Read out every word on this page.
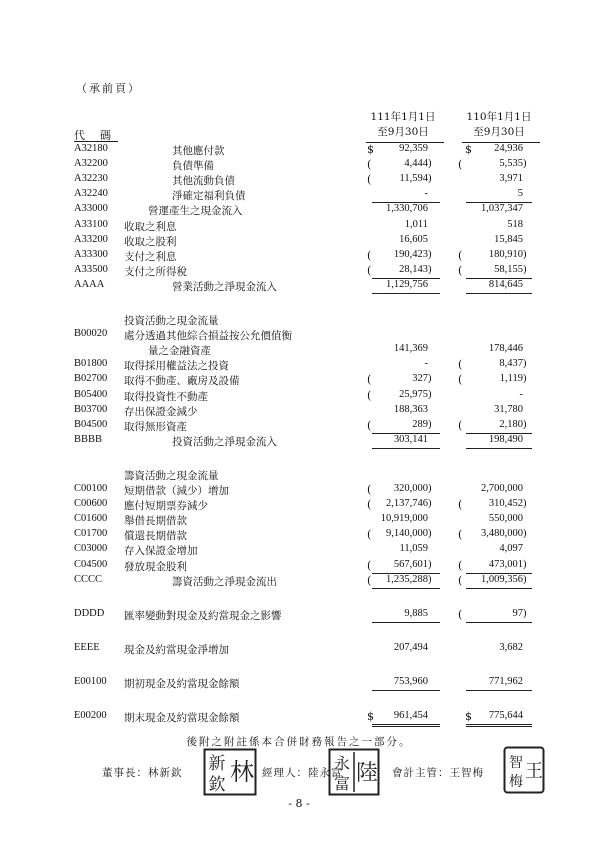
（承前頁）
111年1月1日
至9月30日
110年1月1日
至9月30日
代　碼
A32180	其他應付款	$	92,359	$	24,936
A32200	負債準備	(	4,444) (	5,535)
A32230	其他流動負債	(	11,594)	3,971
A32240	淨確定福利負債	-	5
A33000	營運產生之現金流入	1,330,706	1,037,347
A33100 收取之利息	1,011	518
A33200 收取之股利	16,605	15,845
A33300 支付之利息	(	190,423) (	180,910)
A33500 支付之所得稅	(	28,143) (	58,155)
AAAA	營業活動之淨現金流入	1,129,756	814,645
投資活動之現金流量
B00020 處分透過其他綜合損益按公允價值衡
量之金融資產	141,369	178,446
B01800 取得採用權益法之投資	-	(	8,437)
B02700 取得不動產、廠房及設備	(	327) (	1,119)
B05400 取得投資性不動產	(	25,975)	-
B03700 存出保證金減少	188,363	31,780
B04500 取得無形資產	(	289) (	2,180)
BBBB	投資活動之淨現金流入	303,141	198,490
籌資活動之現金流量
C00100 短期借款（減少）增加	(	320,000)	2,700,000
C00600 應付短期票券減少	(	2,137,746) (	310,452)
C01600 舉借長期借款	10,919,000	550,000
C01700 償還長期借款	(	9,140,000) (	3,480,000)
C03000 存入保證金增加	11,059	4,097
C04500 發放現金股利	(	567,601) (	473,001)
CCCC	籌資活動之淨現金流出	(	1,235,288) (	1,009,356)
DDDD 匯率變動對現金及約當現金之影響	9,885	(	97)
EEEE 現金及約當現金淨增加	207,494	3,682
E00100 期初現金及約當現金餘額	753,960	771,962
E00200 期末現金及約當現金餘額	$	961,454	$	775,644
後附之附註係本合併財務報告之一部分。
董事長：林新欽 新
欽 林 經理人：陸永富
永
富 陸 會計主管：王智梅
智
梅 王
- 8 -
